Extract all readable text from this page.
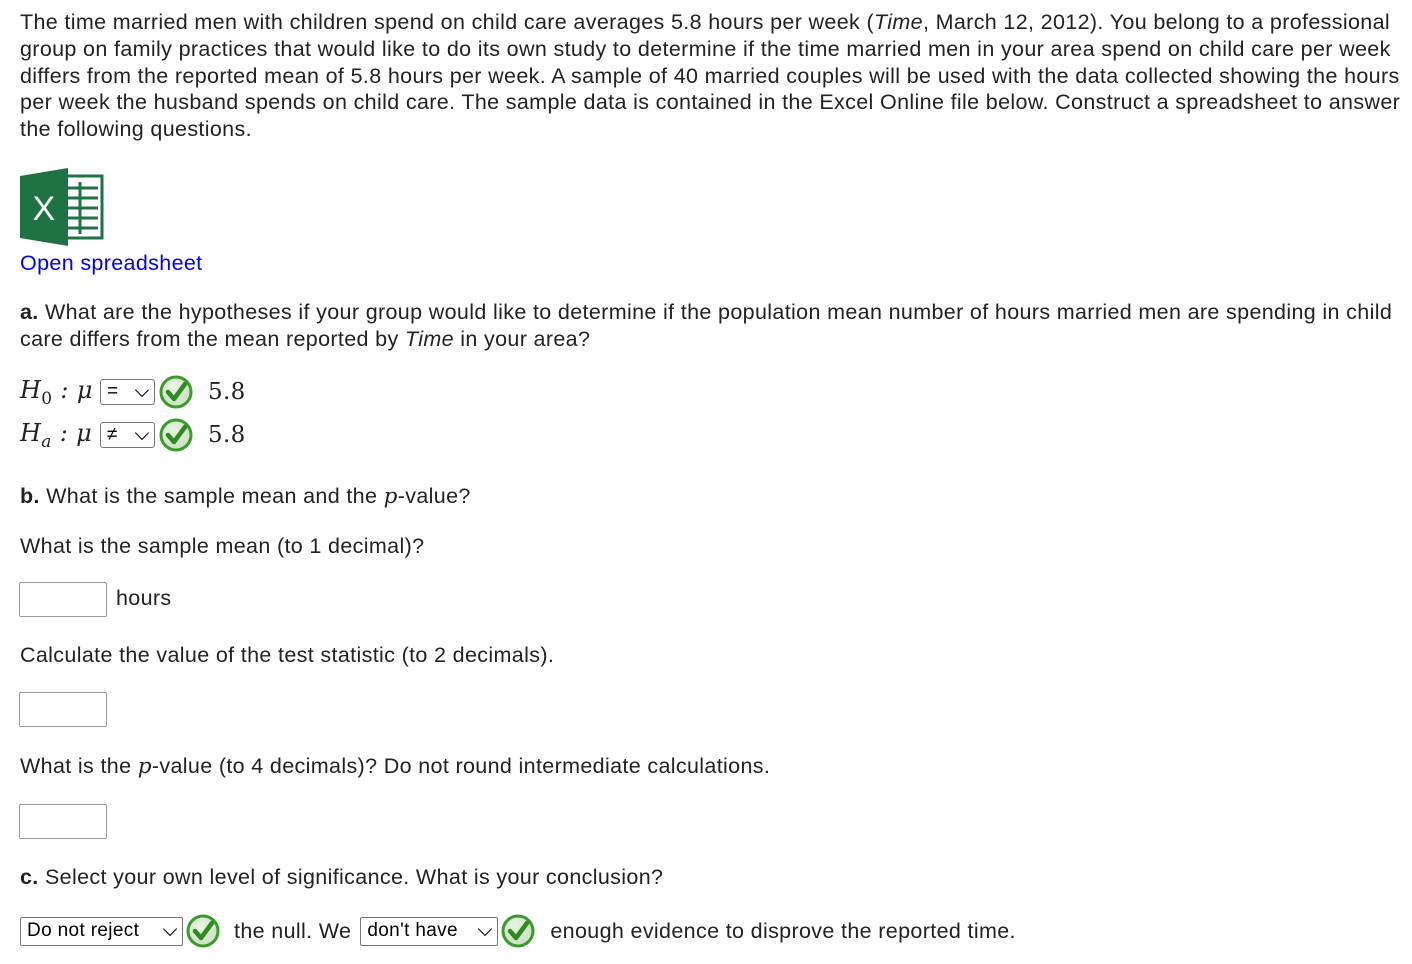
The time married men with children spend on child care averages 5.8 hours per week (Time, March 12, 2012). You belong to a professional group on family practices that would like to do its own study to determine if the time married men in your area spend on child care per week differs from the reported mean of 5.8 hours per week. A sample of 40 married couples will be used with the data collected showing the hours per week the husband spends on child care. The sample data is contained in the Excel Online file below. Construct a spreadsheet to answer the following questions.
X
Open spreadsheet
a. What are the hypotheses if your group would like to determine if the population mean number of hours married men are spending in child care differs from the mean reported by Time in your area?
$H_0$ : μ =	5.8
$H_a$ : μ ≠	5.8
b. What is the sample mean and the p-value?
What is the sample mean (to 1 decimal)?
hours
Calculate the value of the test statistic (to 2 decimals).
What is the p-value (to 4 decimals)? Do not round intermediate calculations.
c. Select your own level of significance. What is your conclusion?
Do not reject	the null. We don't have	enough evidence to disprove the reported time.
